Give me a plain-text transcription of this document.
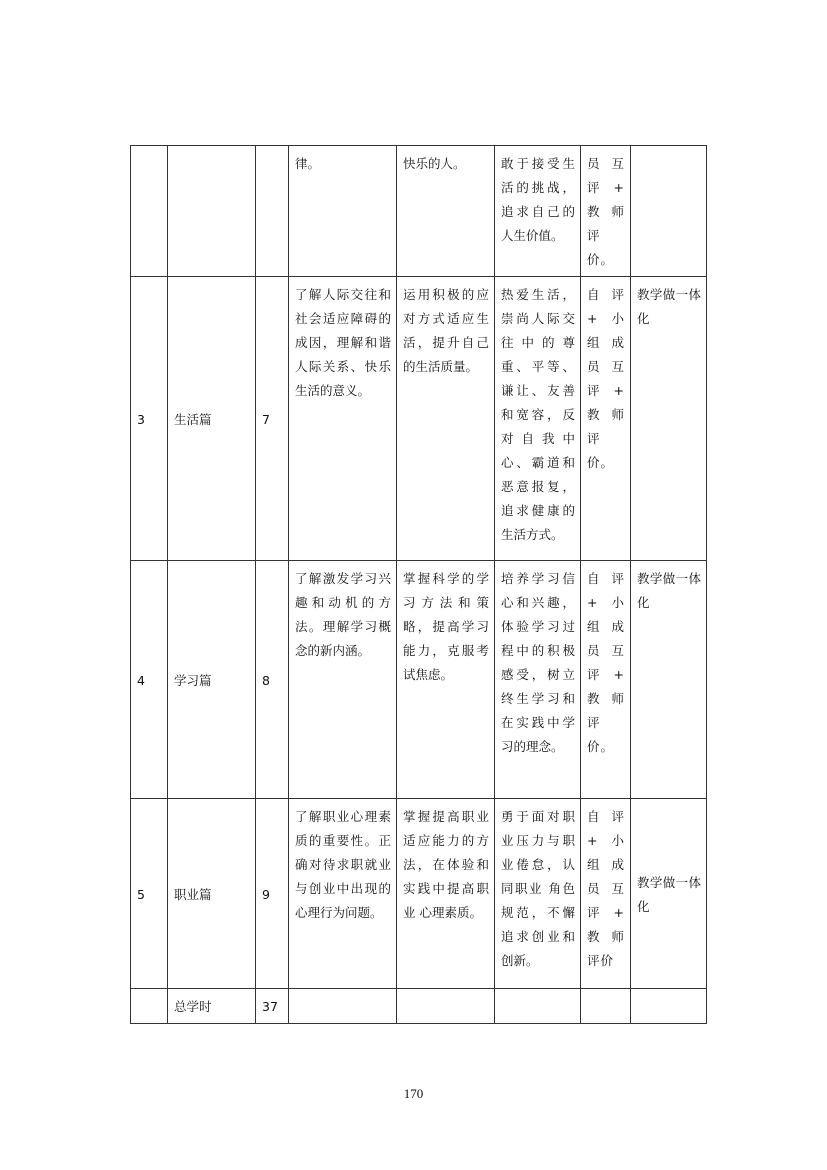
			律。	快乐的人。	敢于接受生活的挑战，追求自己的人生价值。	员互评 + 教师评价。	
3	生活篇	7	了解人际交往和社会适应障碍的成因，理解和谐人际关系、快乐生活的意义。	运用积极的应对方式适应生活，提升自己的生活质量。	热爱生活，崇尚人际交往中的尊重、平等、谦让、友善和宽容，反对自我中心、霸道和恶意报复，追求健康的生活方式。	自评 + 小组成员互评 + 教师评价。	教学做一体化
4	学习篇	8	了解激发学习兴趣和动机的方法。理解学习概念的新内涵。	掌握科学的学习方法和策略，提高学习能力，克服考试焦虑。	培养学习信心和兴趣，体验学习过程中的积极感受，树立终生学习和在实践中学习的理念。	自评 + 小组成员互评 + 教师评价。	教学做一体化
5	职业篇	9	了解职业心理素质的重要性。正确对待求职就业与创业中出现的心理行为问题。	掌握提高职业 适应能力的方法，在体验和实践中提高职业 心理素质。	勇于面对职业压力与职业倦怠，认同职业 角色规范，不懈追求创业和创新。	自评 + 小组成员互评 + 教师评价	教学做一体化
	总学时	37					
170
